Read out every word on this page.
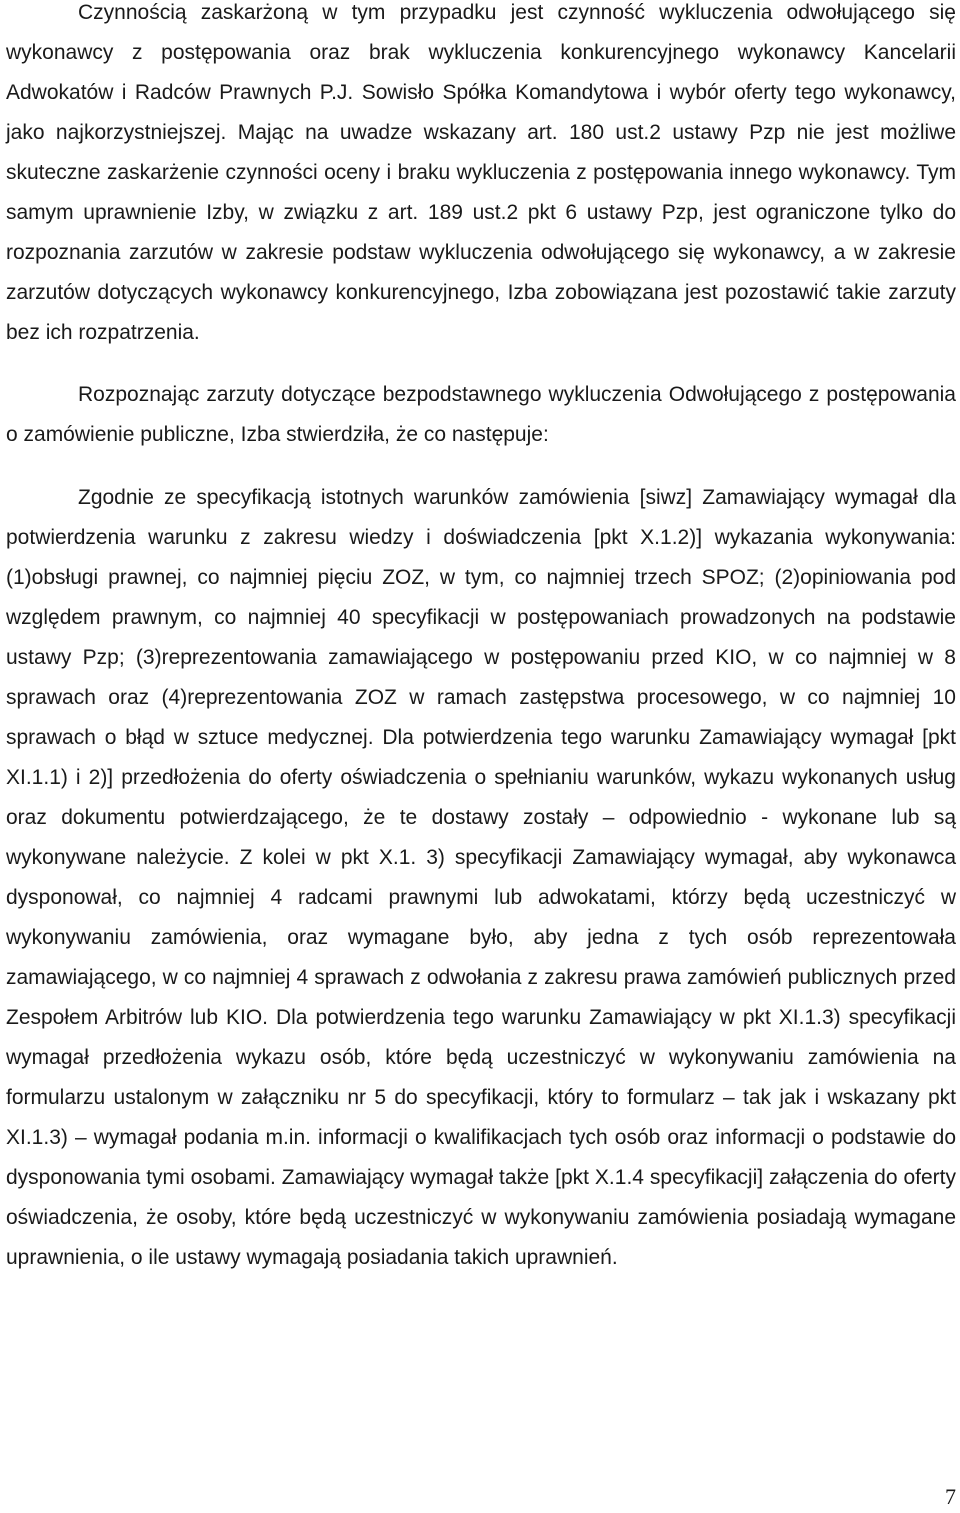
Czynnością zaskarżoną w tym przypadku jest czynność wykluczenia odwołującego się wykonawcy z postępowania oraz brak wykluczenia konkurencyjnego wykonawcy Kancelarii Adwokatów i Radców Prawnych P.J. Sowisło Spółka Komandytowa i wybór oferty tego wykonawcy, jako najkorzystniejszej. Mając na uwadze wskazany art. 180 ust.2 ustawy Pzp nie jest możliwe skuteczne zaskarżenie czynności oceny i braku wykluczenia z postępowania innego wykonawcy. Tym samym uprawnienie Izby, w związku z art. 189 ust.2 pkt 6 ustawy Pzp, jest ograniczone tylko do rozpoznania zarzutów w zakresie podstaw wykluczenia odwołującego się wykonawcy, a w zakresie zarzutów dotyczących wykonawcy konkurencyjnego, Izba zobowiązana jest pozostawić takie zarzuty bez ich rozpatrzenia.

Rozpoznając zarzuty dotyczące bezpodstawnego wykluczenia Odwołującego z postępowania o zamówienie publiczne, Izba stwierdziła, że co następuje:

Zgodnie ze specyfikacją istotnych warunków zamówienia [siwz] Zamawiający wymagał dla potwierdzenia warunku z zakresu wiedzy i doświadczenia [pkt X.1.2)] wykazania wykonywania: (1)obsługi prawnej, co najmniej pięciu ZOZ, w tym, co najmniej trzech SPOZ; (2)opiniowania pod względem prawnym, co najmniej 40 specyfikacji w postępowaniach prowadzonych na podstawie ustawy Pzp; (3)reprezentowania zamawiającego w postępowaniu przed KIO, w co najmniej w 8 sprawach oraz (4)reprezentowania ZOZ w ramach zastępstwa procesowego, w co najmniej 10 sprawach o błąd w sztuce medycznej. Dla potwierdzenia tego warunku Zamawiający wymagał [pkt XI.1.1) i 2)] przedłożenia do oferty oświadczenia o spełnianiu warunków, wykazu wykonanych usług oraz dokumentu potwierdzającego, że te dostawy zostały – odpowiednio - wykonane lub są wykonywane należycie. Z kolei w pkt X.1. 3) specyfikacji Zamawiający wymagał, aby wykonawca dysponował, co najmniej 4 radcami prawnymi lub adwokatami, którzy będą uczestniczyć w wykonywaniu zamówienia, oraz wymagane było, aby jedna z tych osób reprezentowała zamawiającego, w co najmniej 4 sprawach z odwołania z zakresu prawa zamówień publicznych przed Zespołem Arbitrów lub KIO. Dla potwierdzenia tego warunku Zamawiający w pkt XI.1.3) specyfikacji wymagał przedłożenia wykazu osób, które będą uczestniczyć w wykonywaniu zamówienia na formularzu ustalonym w załączniku nr 5 do specyfikacji, który to formularz – tak jak i wskazany pkt XI.1.3) – wymagał podania m.in. informacji o kwalifikacjach tych osób oraz informacji o podstawie do dysponowania tymi osobami. Zamawiający wymagał także [pkt X.1.4 specyfikacji] załączenia do oferty oświadczenia, że osoby, które będą uczestniczyć w wykonywaniu zamówienia posiadają wymagane uprawnienia, o ile ustawy wymagają posiadania takich uprawnień.

7
